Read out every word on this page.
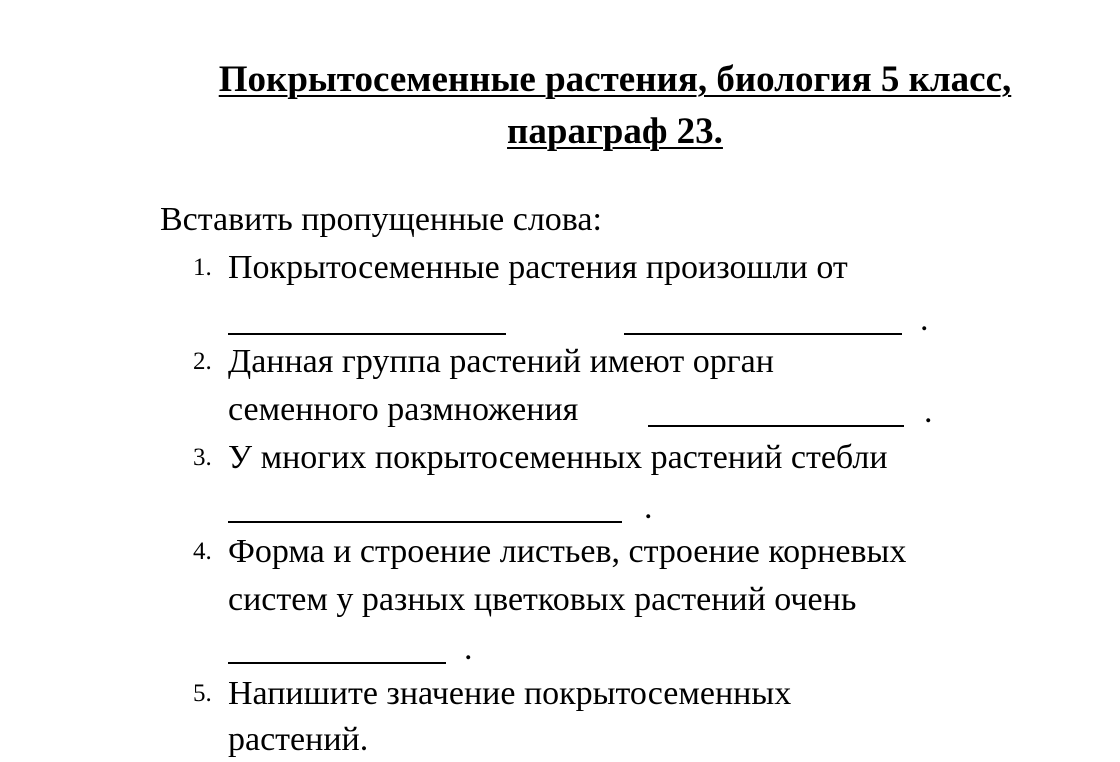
Покрытосеменные растения, биология 5 класс, параграф 23.

Вставить пропущенные слова:

1. Покрытосеменные растения произошли от
.
2. Данная группа растений имеют орган
семенного размножения	.
3. У многих покрытосеменных растений стебли
.
4. Форма и строение листьев, строение корневых
систем у разных цветковых растений очень
.
5. Напишите значение покрытосеменных
растений.
